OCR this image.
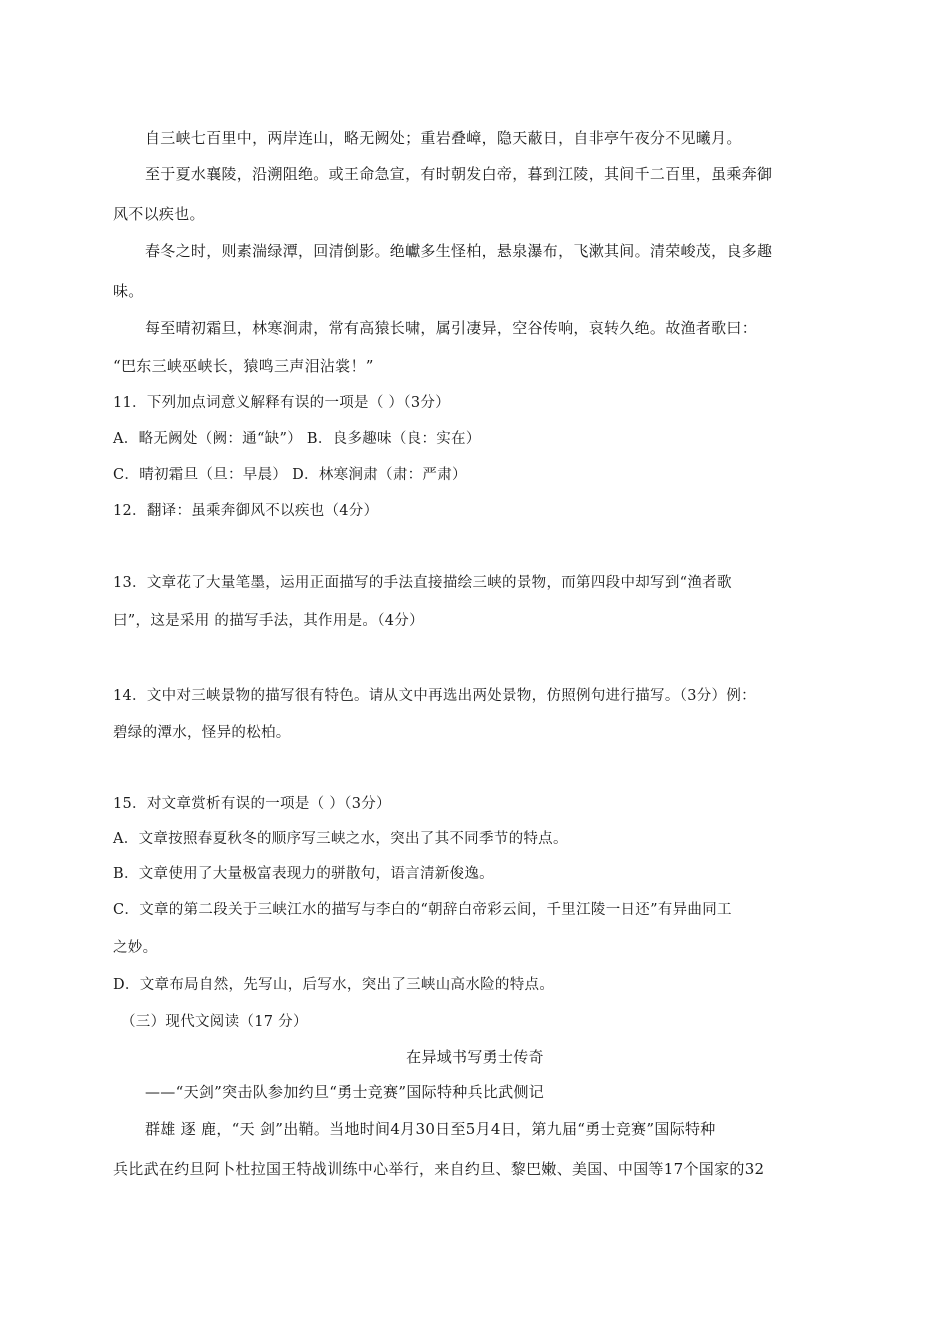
自三峡七百里中，两岸连山，略无阙处；重岩叠嶂，隐天蔽日，自非亭午夜分不见曦月。
至于夏水襄陵，沿溯阻绝。或王命急宣，有时朝发白帝，暮到江陵，其间千二百里，虽乘奔御
风不以疾也。
春冬之时，则素湍绿潭，回清倒影。绝巘多生怪柏，悬泉瀑布，飞漱其间。清荣峻茂，良多趣
味。
每至晴初霜旦，林寒涧肃，常有高猿长啸，属引凄异，空谷传响，哀转久绝。故渔者歌曰：
“巴东三峡巫峡长，猿鸣三声泪沾裳！”
11．下列加点词意义解释有误的一项是（ ）（3分）
A．略无阙处（阙：通“缺”） B．良多趣味（良：实在）
C．晴初霜旦（旦：早晨） D．林寒涧肃（肃：严肃）
12．翻译：虽乘奔御风不以疾也（4分）
13．文章花了大量笔墨，运用正面描写的手法直接描绘三峡的景物，而第四段中却写到“渔者歌
曰”，这是采用 的描写手法，其作用是。（4分）
14．文中对三峡景物的描写很有特色。请从文中再选出两处景物，仿照例句进行描写。（3分）例：
碧绿的潭水，怪异的松柏。
15．对文章赏析有误的一项是（ ）（3分）
A．文章按照春夏秋冬的顺序写三峡之水，突出了其不同季节的特点。
B．文章使用了大量极富表现力的骈散句，语言清新俊逸。
C．文章的第二段关于三峡江水的描写与李白的“朝辞白帝彩云间，千里江陵一日还”有异曲同工
之妙。
D．文章布局自然，先写山，后写水，突出了三峡山高水险的特点。
（三）现代文阅读（17 分）
在异域书写勇士传奇
——“天剑”突击队参加约旦“勇士竞赛”国际特种兵比武侧记
群雄 逐 鹿，“天 剑”出鞘。当地时间4月30日至5月4日，第九届“勇士竞赛”国际特种
兵比武在约旦阿卜杜拉国王特战训练中心举行，来自约旦、黎巴嫩、美国、中国等17个国家的32
